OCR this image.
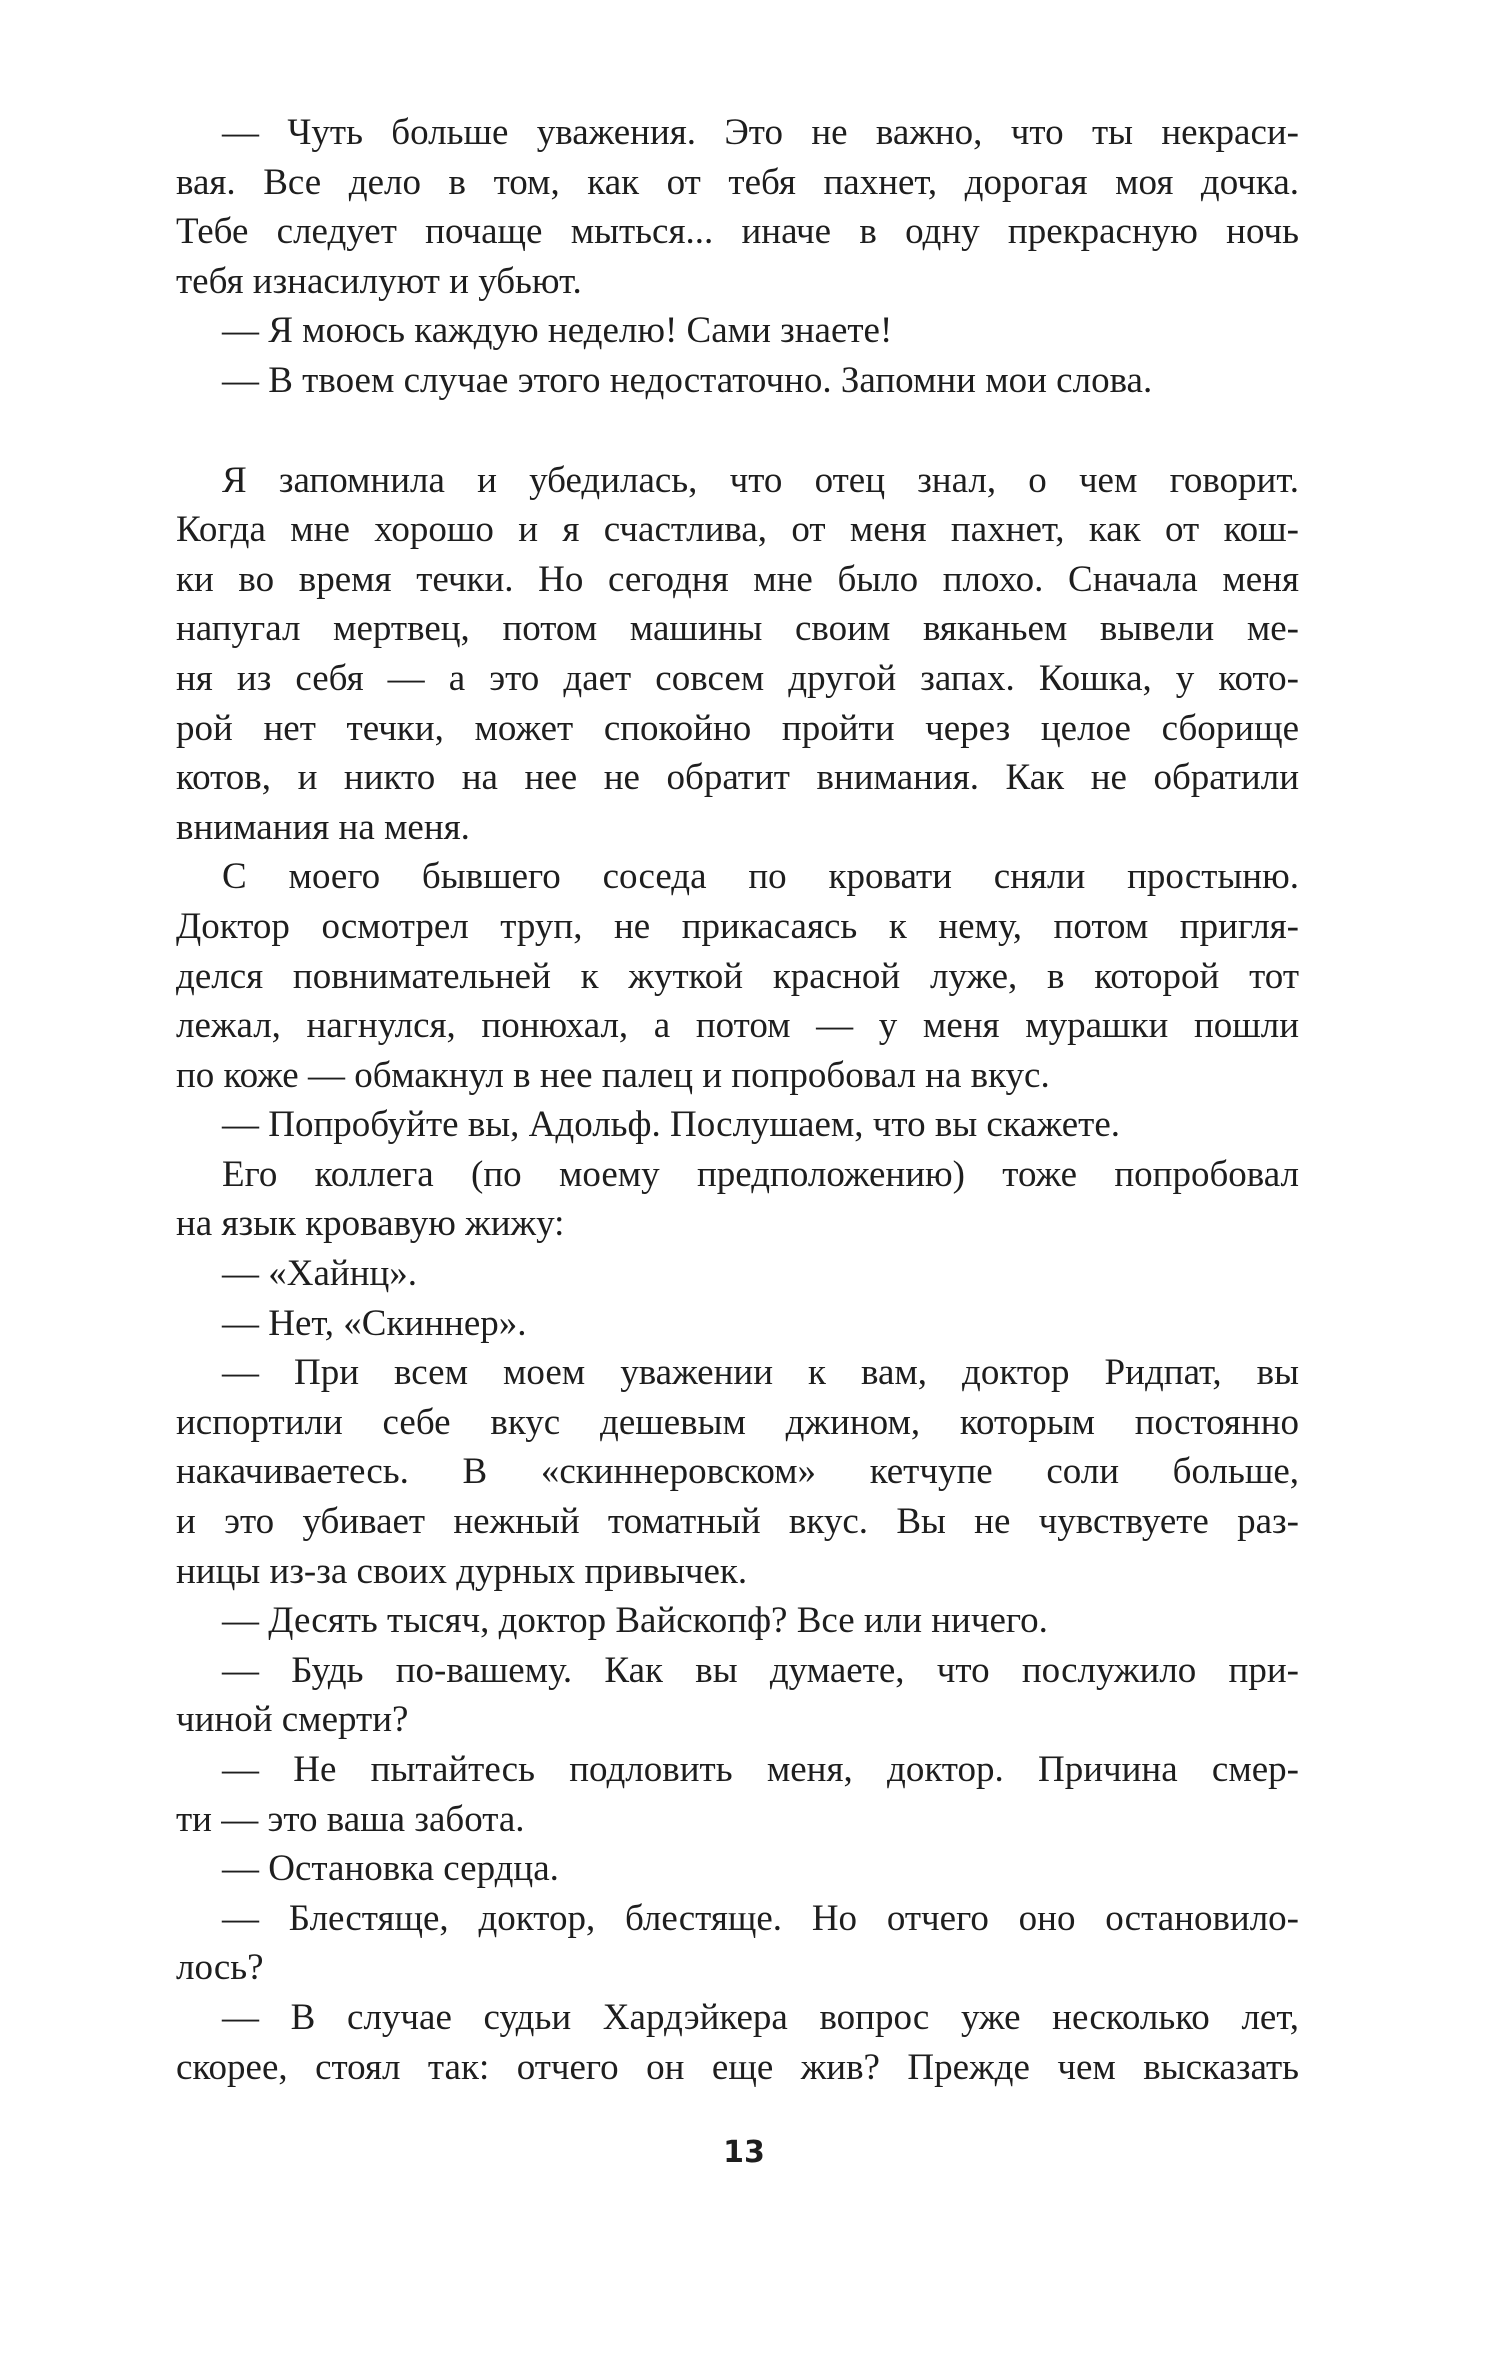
— Чуть больше уважения. Это не важно, что ты некраси-
вая. Все дело в том, как от тебя пахнет, дорогая моя дочка.
Тебе следует почаще мыться... иначе в одну прекрасную ночь
тебя изнасилуют и убьют.
— Я моюсь каждую неделю! Сами знаете!
— В твоем случае этого недостаточно. Запомни мои слова.
Я запомнила и убедилась, что отец знал, о чем говорит.
Когда мне хорошо и я счастлива, от меня пахнет, как от кош-
ки во время течки. Но сегодня мне было плохо. Сначала меня
напугал мертвец, потом машины своим вяканьем вывели ме-
ня из себя — а это дает совсем другой запах. Кошка, у кото-
рой нет течки, может спокойно пройти через целое сборище
котов, и никто на нее не обратит внимания. Как не обратили
внимания на меня.
С моего бывшего соседа по кровати сняли простыню.
Доктор осмотрел труп, не прикасаясь к нему, потом пригля-
делся повнимательней к жуткой красной луже, в которой тот
лежал, нагнулся, понюхал, а потом — у меня мурашки пошли
по коже — обмакнул в нее палец и попробовал на вкус.
— Попробуйте вы, Адольф. Послушаем, что вы скажете.
Его коллега (по моему предположению) тоже попробовал
на язык кровавую жижу:
— «Хайнц».
— Нет, «Скиннер».
— При всем моем уважении к вам, доктор Ридпат, вы
испортили себе вкус дешевым джином, которым постоянно
накачиваетесь. В «скиннеровском» кетчупе соли больше,
и это убивает нежный томатный вкус. Вы не чувствуете раз-
ницы из-за своих дурных привычек.
— Десять тысяч, доктор Вайскопф? Все или ничего.
— Будь по-вашему. Как вы думаете, что послужило при-
чиной смерти?
— Не пытайтесь подловить меня, доктор. Причина смер-
ти — это ваша забота.
— Остановка сердца.
— Блестяще, доктор, блестяще. Но отчего оно остановило-
лось?
— В случае судьи Хардэйкера вопрос уже несколько лет,
скорее, стоял так: отчего он еще жив? Прежде чем высказать
13
